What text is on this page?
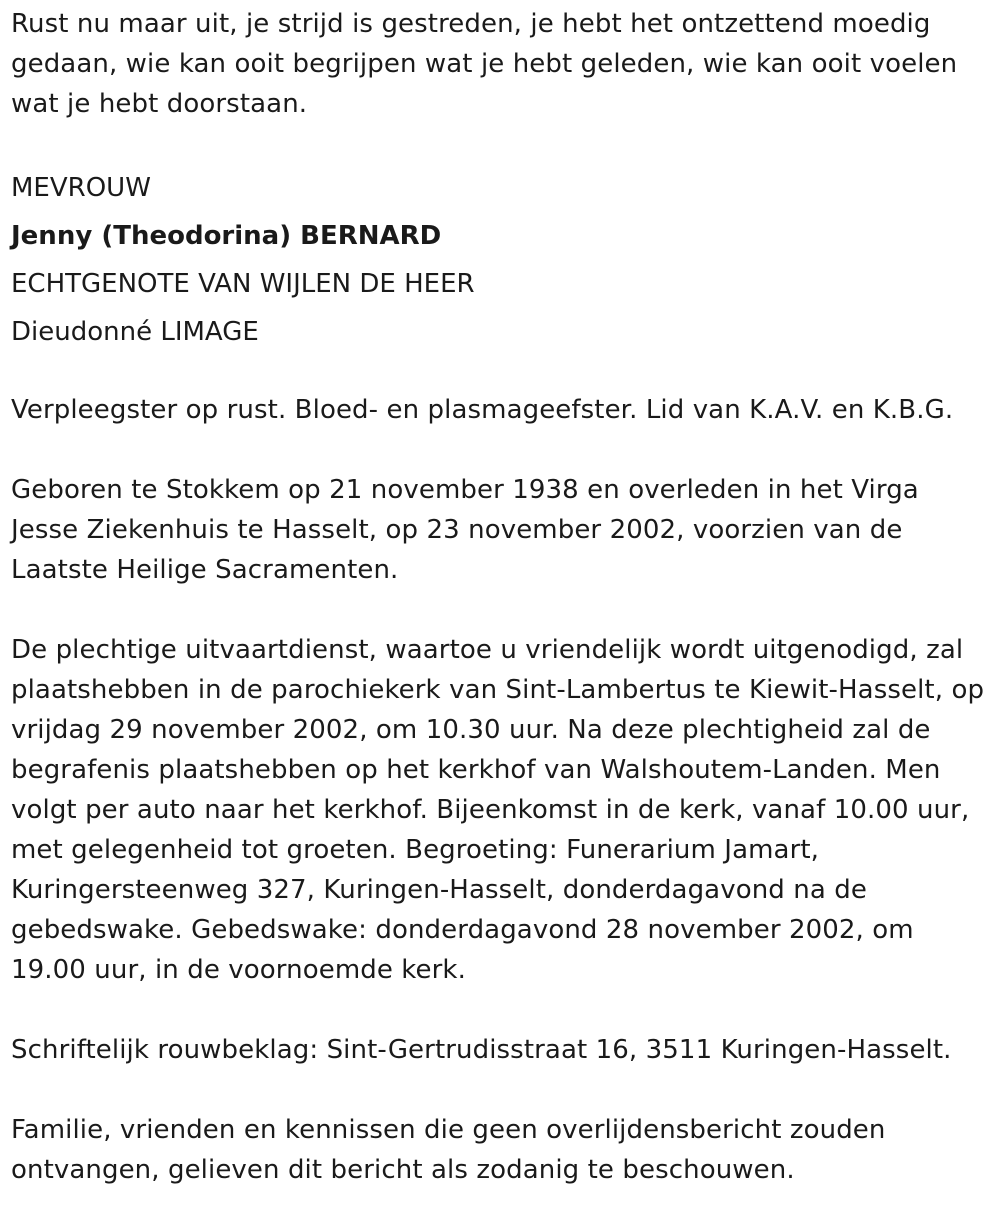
Rust nu maar uit, je strijd is gestreden, je hebt het ontzettend moedig gedaan, wie kan ooit begrijpen wat je hebt geleden, wie kan ooit voelen wat je hebt doorstaan.

MEVROUW

Jenny (Theodorina) BERNARD

ECHTGENOTE VAN WIJLEN DE HEER

Dieudonné LIMAGE

Verpleegster op rust. Bloed- en plasmageefster. Lid van K.A.V. en K.B.G.

Geboren te Stokkem op 21 november 1938 en overleden in het Virga Jesse Ziekenhuis te Hasselt, op 23 november 2002, voorzien van de Laatste Heilige Sacramenten.

De plechtige uitvaartdienst, waartoe u vriendelijk wordt uitgenodigd, zal plaatshebben in de parochiekerk van Sint-Lambertus te Kiewit-Hasselt, op vrijdag 29 november 2002, om 10.30 uur. Na deze plechtigheid zal de begrafenis plaatshebben op het kerkhof van Walshoutem-Landen. Men volgt per auto naar het kerkhof. Bijeenkomst in de kerk, vanaf 10.00 uur, met gelegenheid tot groeten. Begroeting: Funerarium Jamart, Kuringersteenweg 327, Kuringen-Hasselt, donderdagavond na de gebedswake. Gebedswake: donderdagavond 28 november 2002, om 19.00 uur, in de voornoemde kerk.

Schriftelijk rouwbeklag: Sint-Gertrudisstraat 16, 3511 Kuringen-Hasselt.

Familie, vrienden en kennissen die geen overlijdensbericht zouden ontvangen, gelieven dit bericht als zodanig te beschouwen.
